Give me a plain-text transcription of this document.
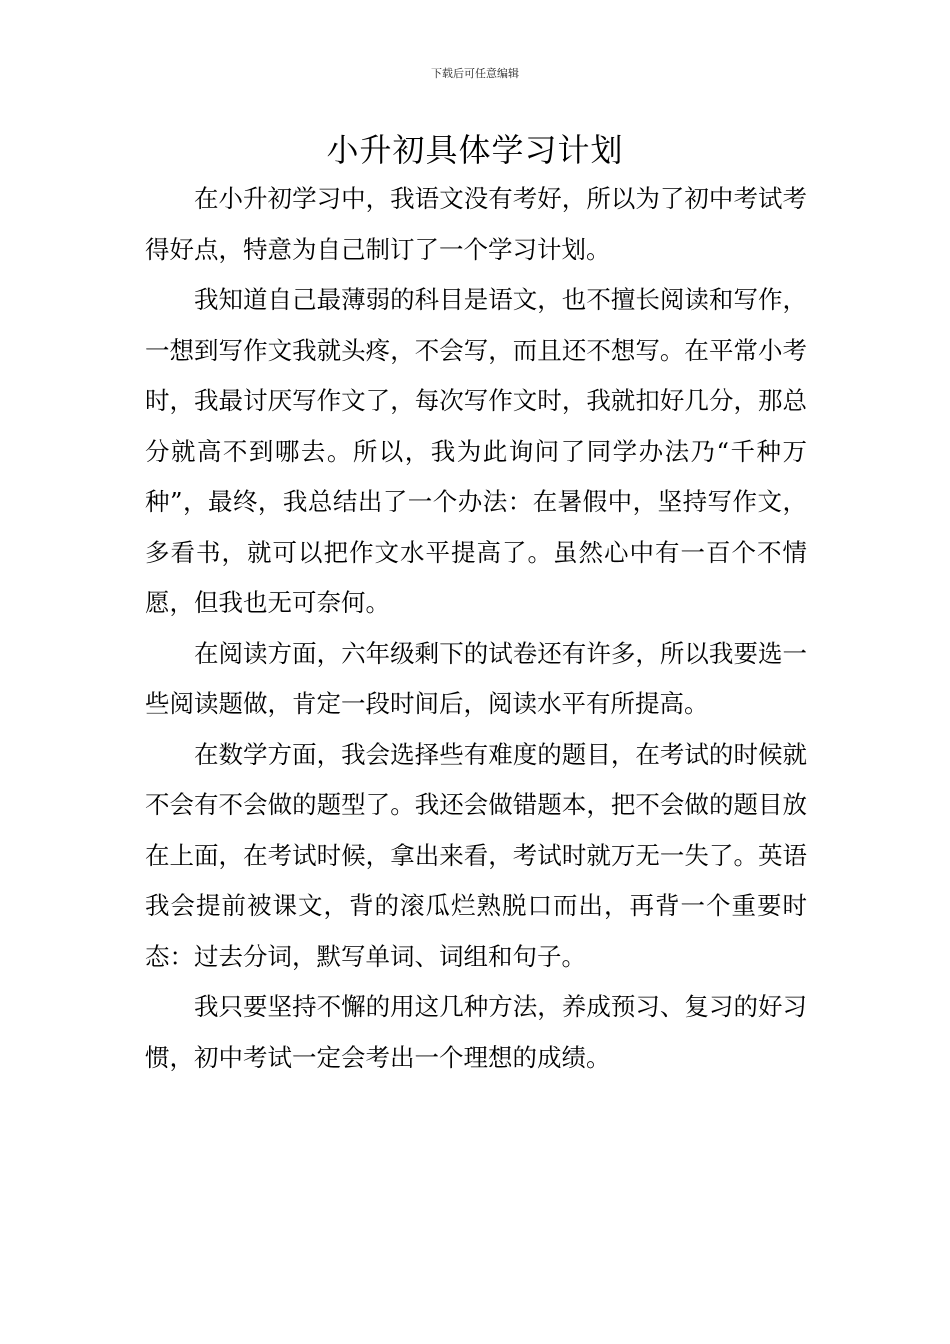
下载后可任意编辑
小升初具体学习计划

在小升初学习中，我语文没有考好，所以为了初中考试考得好点，特意为自己制订了一个学习计划。

我知道自己最薄弱的科目是语文，也不擅长阅读和写作，一想到写作文我就头疼，不会写，而且还不想写。在平常小考时，我最讨厌写作文了，每次写作文时，我就扣好几分，那总分就高不到哪去。所以，我为此询问了同学办法乃“千种万种”，最终，我总结出了一个办法：在暑假中，坚持写作文，多看书，就可以把作文水平提高了。虽然心中有一百个不情愿，但我也无可奈何。

在阅读方面，六年级剩下的试卷还有许多，所以我要选一些阅读题做，肯定一段时间后，阅读水平有所提高。

在数学方面，我会选择些有难度的题目，在考试的时候就不会有不会做的题型了。我还会做错题本，把不会做的题目放在上面，在考试时候，拿出来看，考试时就万无一失了。英语我会提前被课文，背的滚瓜烂熟脱口而出，再背一个重要时态：过去分词，默写单词、词组和句子。

我只要坚持不懈的用这几种方法，养成预习、复习的好习惯，初中考试一定会考出一个理想的成绩。
